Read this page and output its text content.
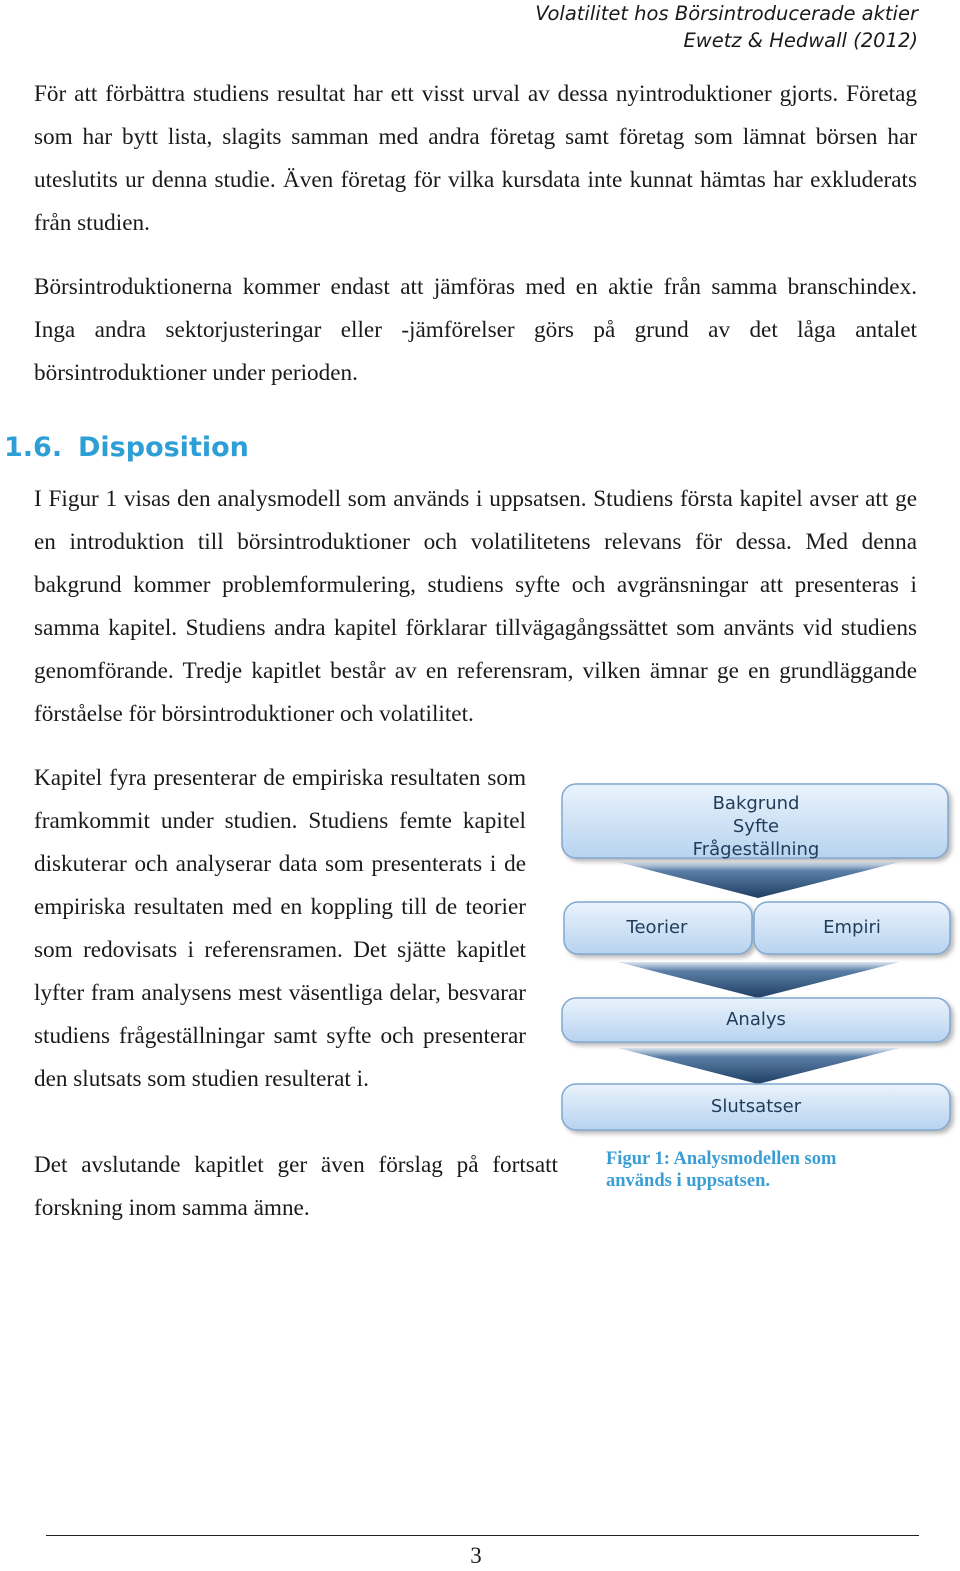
Volatilitet hos Börsintroducerade aktier
Ewetz & Hedwall (2012)

För att förbättra studiens resultat har ett visst urval av dessa nyintroduktioner gjorts. Företag som har bytt lista, slagits samman med andra företag samt företag som lämnat börsen har uteslutits ur denna studie. Även företag för vilka kursdata inte kunnat hämtas har exkluderats från studien.

Börsintroduktionerna kommer endast att jämföras med en aktie från samma branschindex. Inga andra sektorjusteringar eller -jämförelser görs på grund av det låga antalet börsintroduktioner under perioden.

1.6. Disposition

I Figur 1 visas den analysmodell som används i uppsatsen. Studiens första kapitel avser att ge en introduktion till börsintroduktioner och volatilitetens relevans för dessa. Med denna bakgrund kommer problemformulering, studiens syfte och avgränsningar att presenteras i samma kapitel. Studiens andra kapitel förklarar tillvägagångssättet som använts vid studiens genomförande. Tredje kapitlet består av en referensram, vilken ämnar ge en grundläggande förståelse för börsintroduktioner och volatilitet.

Kapitel fyra presenterar de empiriska resultaten som framkommit under studien. Studiens femte kapitel diskuterar och analyserar data som presenterats i de empiriska resultaten med en koppling till de teorier som redovisats i referensramen. Det sjätte kapitlet lyfter fram analysens mest väsentliga delar, besvarar studiens frågeställningar samt syfte och presenterar den slutsats som studien resulterat i.

Det avslutande kapitlet ger även förslag på fortsatt forskning inom samma ämne.

Bakgrund
Syfte
Frågeställning
Teorier	Empiri
Analys
Slutsatser
Figur 1: Analysmodellen som används i uppsatsen.
3
